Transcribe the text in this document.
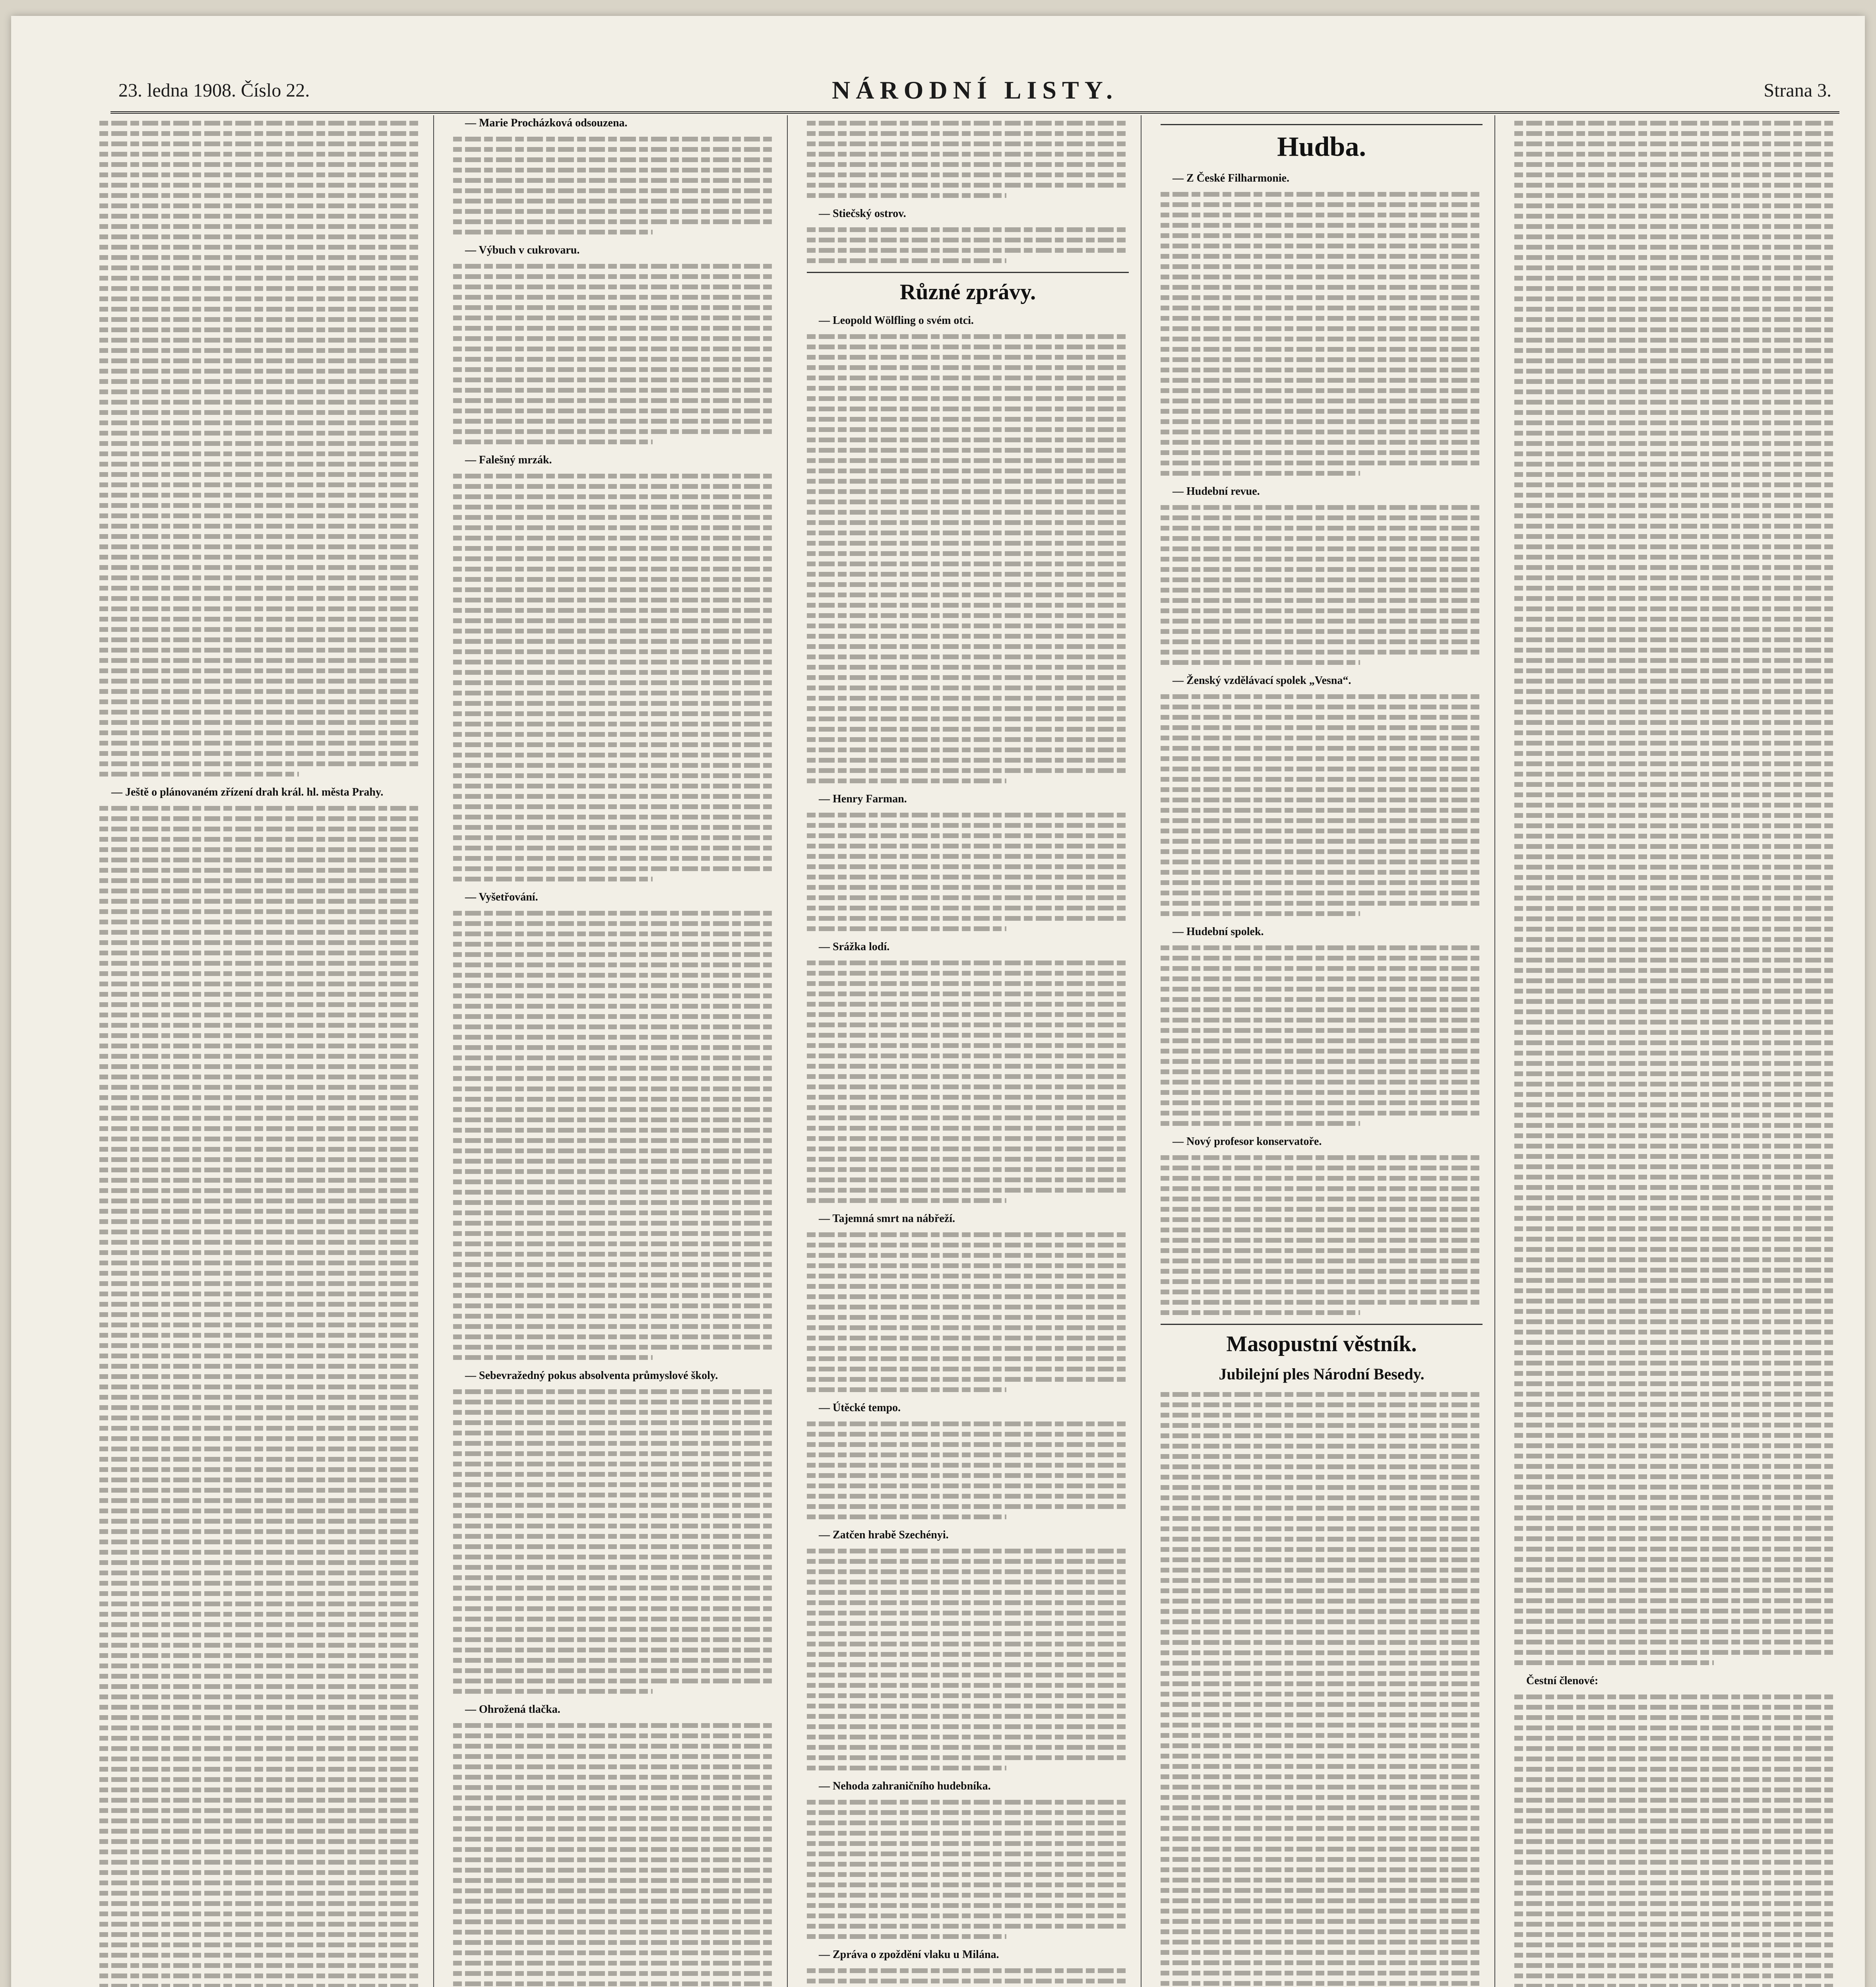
23. ledna 1908. Číslo 22.	NÁRODNÍ LISTY.	Strana 3.

— Ještě o plánovaném zřízení drah král. hl. města Prahy.

— Marie Procházková odsouzena.

— Výbuch v cukrovaru.

— Falešný mrzák.

— Vyšetřování.

— Sebevražedný pokus absolventa průmyslové školy.

— Ohrožená tlačka.

— Stiečský ostrov.

Různé zprávy.

— Leopold Wölfling o svém otci.

— Henry Farman.

— Srážka lodí.

— Tajemná smrt na nábřeží.

— Útěcké tempo.

— Zatčen hrabě Szechényi.

— Nehoda zahraničního hudebníka.

— Zpráva o zpoždění vlaku u Milána.

Hudba.

— Z České Filharmonie.

— Hudební revue.

— Ženský vzdělávací spolek „Vesna“.

— Hudební spolek.

— Nový profesor konservatoře.

Masopustní věstník.
Jubilejní ples Národní Besedy.

Čestní členové:
